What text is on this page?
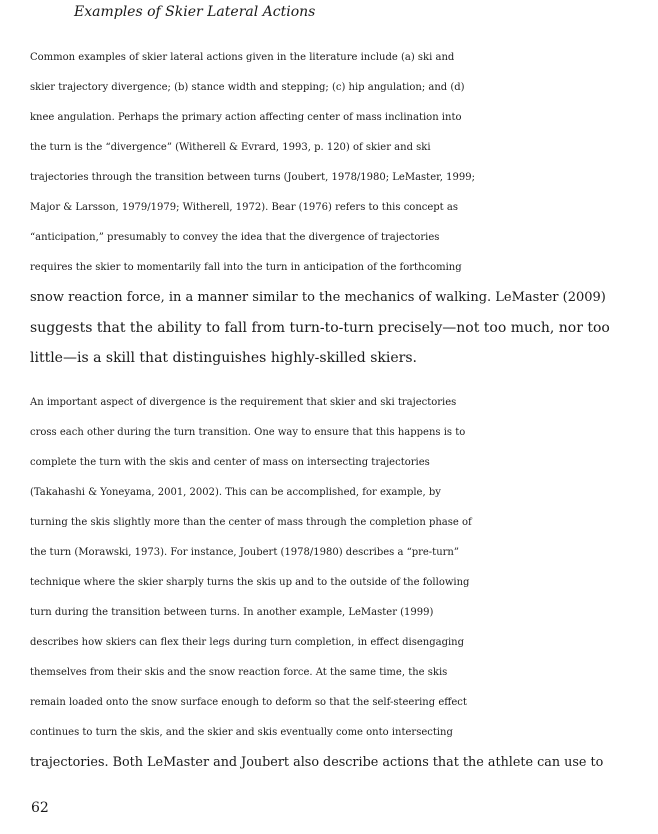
Examples of Skier Lateral Actions

Common examples of skier lateral actions given in the literature include (a) ski and
skier trajectory divergence; (b) stance width and stepping; (c) hip angulation; and (d)
knee angulation. Perhaps the primary action affecting center of mass inclination into
the turn is the “divergence” (Witherell & Evrard, 1993, p. 120) of skier and ski
trajectories through the transition between turns (Joubert, 1978/1980; LeMaster, 1999;
Major & Larsson, 1979/1979; Witherell, 1972). Bear (1976) refers to this concept as
“anticipation,” presumably to convey the idea that the divergence of trajectories
requires the skier to momentarily fall into the turn in anticipation of the forthcoming
snow reaction force, in a manner similar to the mechanics of walking. LeMaster (2009)
suggests that the ability to fall from turn-to-turn precisely—not too much, nor too
little—is a skill that distinguishes highly-skilled skiers.

An important aspect of divergence is the requirement that skier and ski trajectories
cross each other during the turn transition. One way to ensure that this happens is to
complete the turn with the skis and center of mass on intersecting trajectories
(Takahashi & Yoneyama, 2001, 2002). This can be accomplished, for example, by
turning the skis slightly more than the center of mass through the completion phase of
the turn (Morawski, 1973). For instance, Joubert (1978/1980) describes a “pre-turn”
technique where the skier sharply turns the skis up and to the outside of the following
turn during the transition between turns. In another example, LeMaster (1999)
describes how skiers can flex their legs during turn completion, in effect disengaging
themselves from their skis and the snow reaction force. At the same time, the skis
remain loaded onto the snow surface enough to deform so that the self-steering effect
continues to turn the skis, and the skier and skis eventually come onto intersecting
trajectories. Both LeMaster and Joubert also describe actions that the athlete can use to

62
